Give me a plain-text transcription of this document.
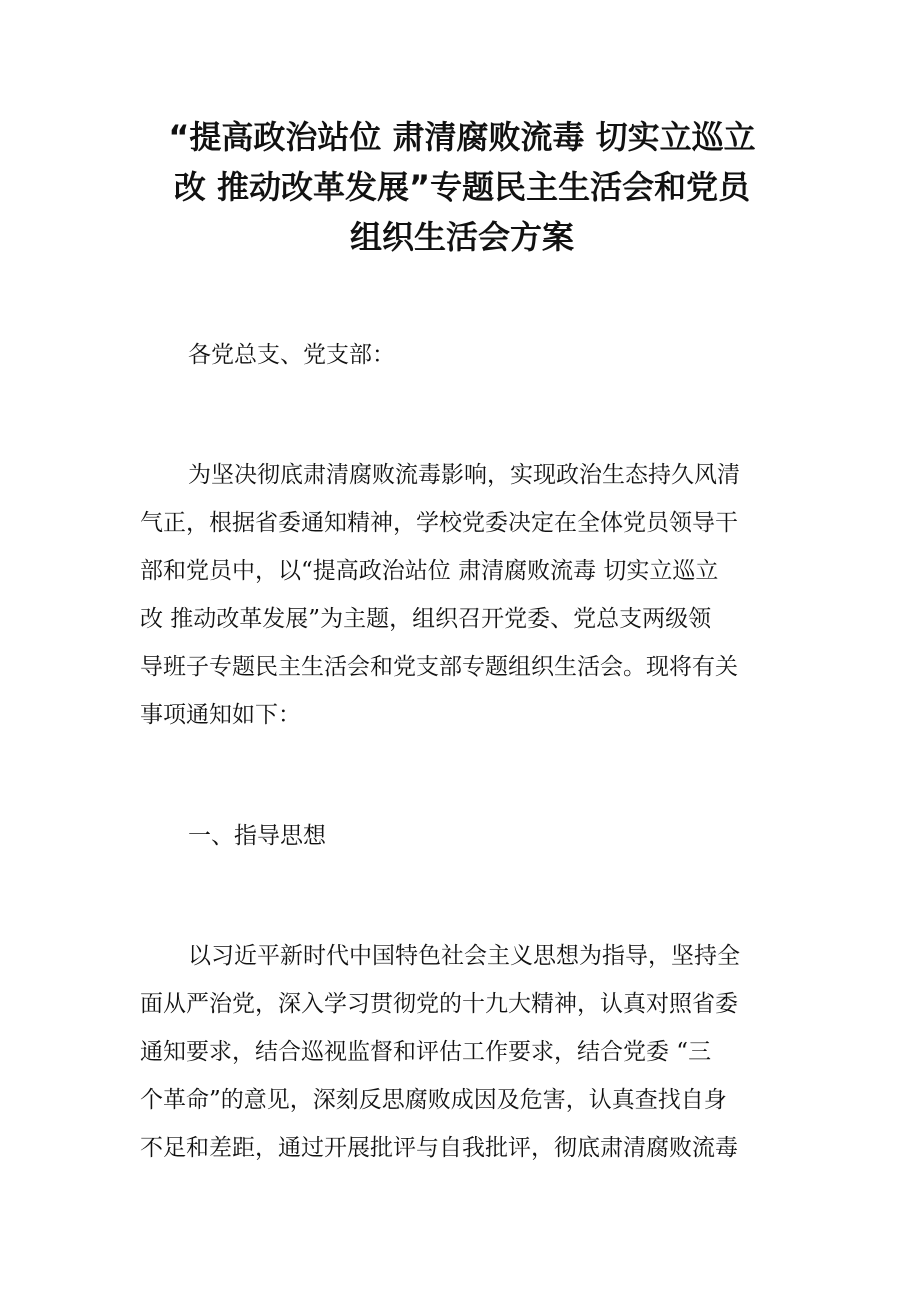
“提高政治站位 肃清腐败流毒 切实立巡立
改 推动改革发展”专题民主生活会和党员
组织生活会方案

各党总支、党支部：

为坚决彻底肃清腐败流毒影响，实现政治生态持久风清
气正，根据省委通知精神，学校党委决定在全体党员领导干
部和党员中，以“提高政治站位 肃清腐败流毒 切实立巡立
改 推动改革发展”为主题，组织召开党委、党总支两级领
导班子专题民主生活会和党支部专题组织生活会。现将有关
事项通知如下：

一、指导思想

以习近平新时代中国特色社会主义思想为指导，坚持全
面从严治党，深入学习贯彻党的十九大精神，认真对照省委
通知要求，结合巡视监督和评估工作要求，结合党委 “三
个革命”的意见，深刻反思腐败成因及危害，认真查找自身
不足和差距，通过开展批评与自我批评，彻底肃清腐败流毒
